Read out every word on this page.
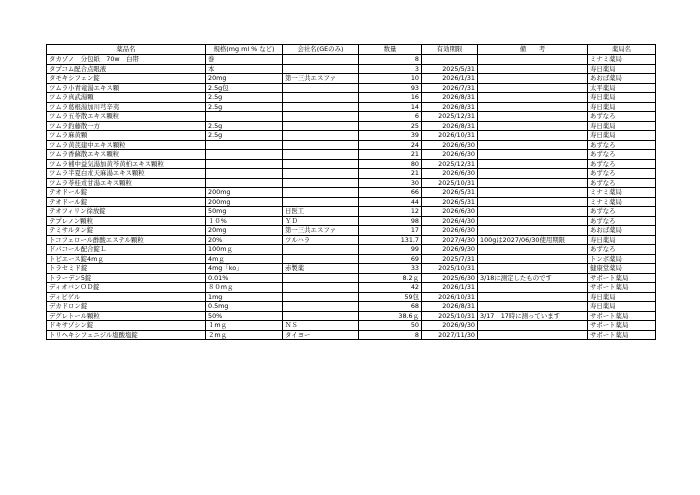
薬品名	規格(mg ml % など)	会社名(GEのみ)	数量	有効期限	備　　考	薬局名
タカゾノ　分包紙　70w　白帯	巻		8			ミナミ薬局
タプコム配合点眼液	本		3	2025/5/31		寿日薬局
タモキシフェン錠	20mg	第一三共エスファ	10	2026/1/31		あおば薬局
ツムラ小青竜湯エキス顆	2.5g包		93	2026/7/31		太平薬局
ツムラ真武湯顆	2.5g		16	2026/8/31		寿日薬局
ツムラ葛根湯加川芎辛夷	2.5g		14	2026/8/31		寿日薬局
ツムラ五苓散エキス顆粒			6	2025/12/31		あずなろ
ツムラ釣藤散一方	2.5g		25	2026/8/31		寿日薬局
ツムラ麻黄顆	2.5g		39	2026/10/31		寿日薬局
ツムラ黄芪建中エキス顆粒			24	2026/6/30		あずなろ
ツムラ香蘇散エキス顆粒			21	2026/6/30		あずなろ
ツムラ補中益気湯加黄芩黄柏エキス顆粒			80	2025/12/31		あずなろ
ツムラ半夏白朮天麻湯エキス顆粒			21	2026/6/30		あずなろ
ツムラ苓桂朮甘湯エキス顆粒			30	2025/10/31		あずなろ
テオドール錠	200mg		66	2026/5/31		ミナミ薬局
テオドール錠	200mg		44	2026/5/31		ミナミ薬局
テオフィリン徐放錠	50mg	日医工	12	2026/6/30		あずなろ
テプレノン顆粒	１０%	ＹＤ	98	2026/4/30		あずなろ
テミサルタン錠	20mg	第一三共エスファ	17	2026/6/30		あおば薬局
トコフェロール酢酸エステル顆粒	20%	ツルハラ	131.7	2027/4/30	100gは2027/06/30使用期限	寿日薬局
ドパコール配合錠Ｌ	100mｇ		99	2026/9/30		あずなろ
トピエース錠4mｇ	4mｇ		69	2025/7/31		トンボ薬局
トラセミド錠	4mg「ko」	赤製薬	33	2025/10/31		健康堂薬局
トラーデン5錠	0.01%		8.2ｇ	2025/6/30	3/18に測定したものです	サポート薬局
ディオバンＯＤ錠	８０mｇ		42	2026/1/31		サポート薬局
ディビゲル	1mg		59包	2026/10/31		寿日薬局
デカドロン錠	0.5mg		68	2026/8/31		寿日薬局
デグレトール顆粒	50%		38.6ｇ	2025/10/31	3/17　17時に測っています	サポート薬局
ドキサゾシン錠	１mｇ	ＮＳ	50	2026/9/30		サポート薬局
トリヘキシフェニジル塩酸塩錠	２mｇ	タイヨー	8	2027/11/30		サポート薬局
